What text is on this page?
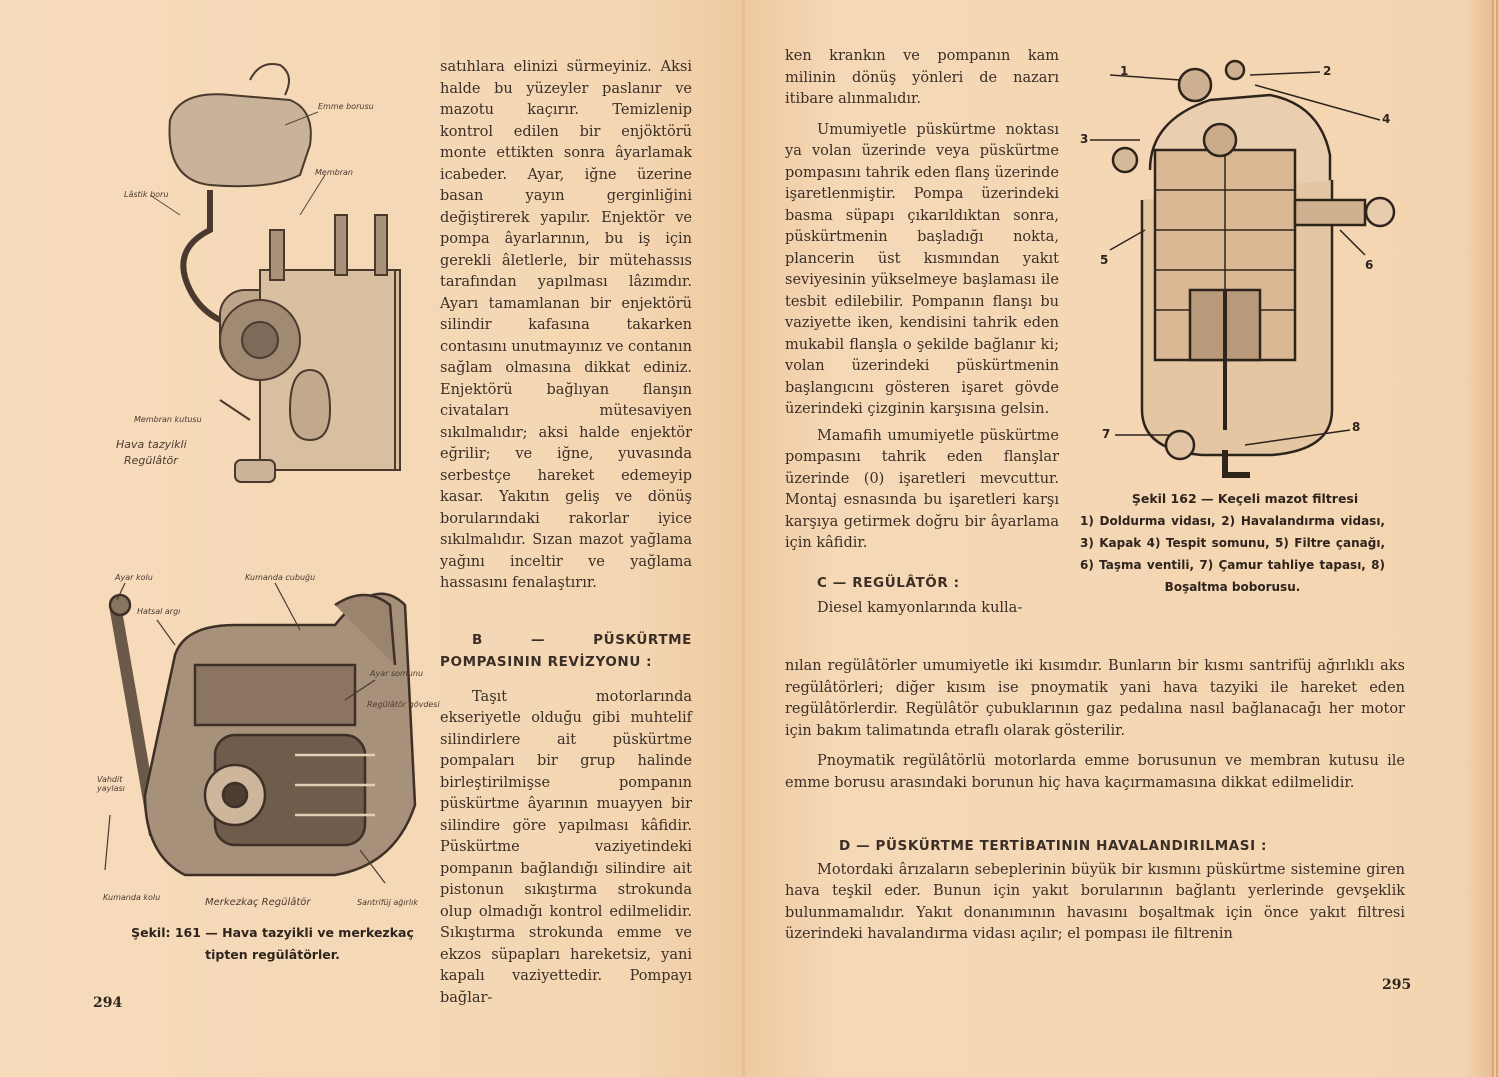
Emme borusu
Membran
Lâstik boru
Membran kutusu
Hava tazyikli
Regülâtör
Ayar kolu
Hatsal argı
Kumanda cubuğu
Ayar somunu
Regülâtör gövdesi
Vahdit yaylası
Kumanda kolu	Merkezkaç Regülâtör	Santrifüj ağırlık
Şekil: 161 — Hava tazyikli ve merkezkaç
tipten regülâtörler.
294

satıhlara elinizi sürmeyiniz. Aksi halde bu yüzeyler paslanır ve mazotu kaçırır. Temizlenip kontrol edilen bir enjöktörü monte ettikten sonra âyarlamak icabeder. Ayar, iğne üzerine basan yayın gerginliğini değiştirerek yapılır. Enjektör ve pompa âyarlarının, bu iş için gerekli âletlerle, bir mütehassıs tarafından yapılması lâzımdır. Ayarı tamamlanan bir enjektörü silindir kafasına takarken contasını unutmayınız ve contanın sağlam olmasına dikkat ediniz. Enjektörü bağlıyan flanşın civataları mütesaviyen sıkılmalıdır; aksi halde enjektör eğrilir; ve iğne, yuvasında serbestçe hareket edemeyip kasar. Yakıtın geliş ve dönüş borularındaki rakorlar iyice sıkılmalıdır. Sızan mazot yağlama yağını inceltir ve yağlama hassasını fenalaştırır.

B — PÜSKÜRTME POMPASININ REVİZYONU :

Taşıt motorlarında ekseriyetle olduğu gibi muhtelif silindirlere ait püskürtme pompaları bir grup halinde birleştirilmişse pompanın püskürtme âyarının muayyen bir silindire göre yapılması kâfidir. Püskürtme vaziyetindeki pompanın bağlandığı silindire ait pistonun sıkıştırma strokunda olup olmadığı kontrol edilmelidir. Sıkıştırma strokunda emme ve ekzos süpapları hareketsiz, yani kapalı vaziyettedir. Pompayı bağlar-

ken krankın ve pompanın kam milinin dönüş yönleri de nazarı itibare alınmalıdır.

Umumiyetle püskürtme noktası ya volan üzerinde veya püskürtme pompasını tahrik eden flanş üzerinde işaretlenmiştir. Pompa üzerindeki basma süpapı çıkarıldıktan sonra, püskürtmenin başladığı nokta, plancerin üst kısmından yakıt seviyesinin yükselmeye başlaması ile tesbit edilebilir. Pompanın flanşı bu vaziyette iken, kendisini tahrik eden mukabil flanşla o şekilde bağlanır ki; volan üzerindeki püskürtmenin başlangıcını gösteren işaret gövde üzerindeki çizginin karşısına gelsin.

Mamafih umumiyetle püskürtme pompasını tahrik eden flanşlar üzerinde (0) işaretleri mevcuttur. Montaj esnasında bu işaretleri karşı karşıya getirmek doğru bir âyarlama için kâfidir.

C — REGÜLÂTÖR :

Diesel kamyonlarında kulla-

nılan regülâtörler umumiyetle iki kısımdır. Bunların bir kısmı santrifüj ağırlıklı aks regülâtörleri; diğer kısım ise pnoymatik yani hava tazyiki ile hareket eden regülâtörlerdir. Regülâtör çubuklarının gaz pedalına nasıl bağlanacağı her motor için bakım talimatında etraflı olarak gösterilir.

Pnoymatik regülâtörlü motorlarda emme borusunun ve membran kutusu ile emme borusu arasındaki borunun hiç hava kaçırmamasına dikkat edilmelidir.

D — PÜSKÜRTME TERTİBATININ HAVALANDIRILMASI :

Motordaki ârızaların sebeplerinin büyük bir kısmını püskürtme sistemine giren hava teşkil eder. Bunun için yakıt borularının bağlantı yerlerinde gevşeklik bulunmamalıdır. Yakıt donanımının havasını boşaltmak için önce yakıt filtresi üzerindeki havalandırma vidası açılır; el pompası ile filtrenin

1	2
3
4
5	6
7	8
Şekil 162 — Keçeli mazot filtresi
1) Doldurma vidası, 2) Havalandırma vidası, 3) Kapak 4) Tespit somunu, 5) Filtre çanağı, 6) Taşma ventili, 7) Çamur tahliye tapası, 8) Boşaltma boborusu.
295
